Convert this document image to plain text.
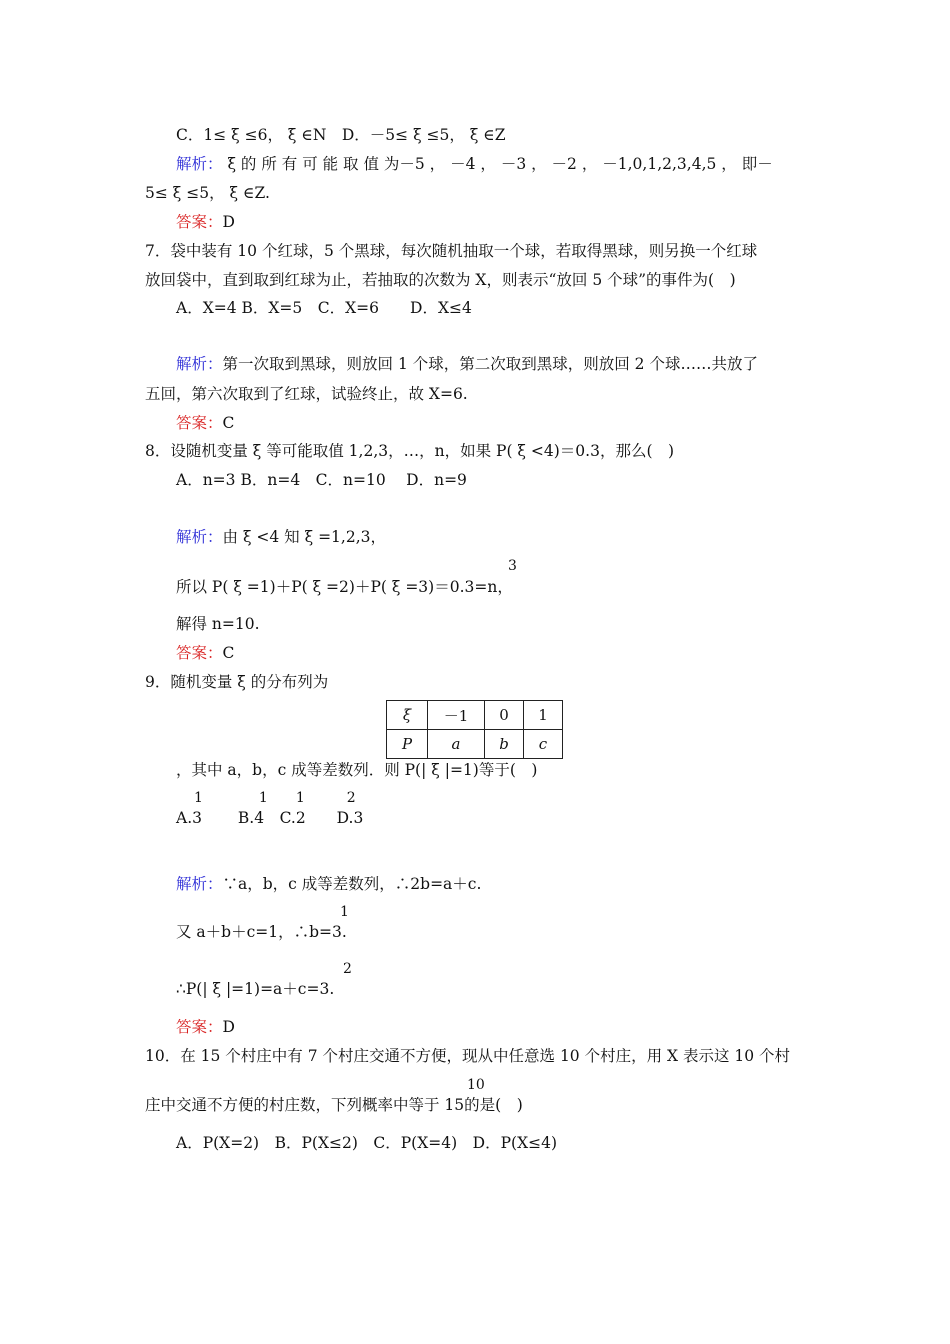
C．1≤ ξ ≤6， ξ ∈N　D．－5≤ ξ ≤5， ξ ∈Z
解析： ξ 的 所 有 可 能 取 值 为－5 ， －4 ， －3 ， －2 ， －1,0,1,2,3,4,5 ， 即－
5≤ ξ ≤5， ξ ∈Z.
答案：D
7．袋中装有 10 个红球，5 个黑球，每次随机抽取一个球，若取得黑球，则另换一个红球
放回袋中，直到取到红球为止，若抽取的次数为 X，则表示“放回 5 个球”的事件为(　)
A．X=4 B．X=5　C．X=6　　D．X≤4
解析：第一次取到黑球，则放回 1 个球，第二次取到黑球，则放回 2 个球……共放了
五回，第六次取到了红球，试验终止，故 X=6.
答案：C
8．设随机变量 ξ 等可能取值 1,2,3，…，n，如果 P( ξ <4)＝0.3，那么(　)
A．n=3 B．n=4　C．n=10　 D．n=9
解析：由 ξ <4 知 ξ =1,2,3，
3
所以 P( ξ =1)＋P( ξ =2)＋P( ξ =3)＝0.3=n，
解得 n=10.
答案：C
9．随机变量 ξ 的分布列为
ξ	－1	0	1
P	a	b	c
，其中 a，b，c 成等差数列．则 P(| ξ |=1)等于(　)
1　　　　1　　1　　　2
A.3　　 B.4　C.2　　D.3
解析：∵a，b，c 成等差数列，∴2b=a＋c.
1
又 a＋b＋c=1，∴b=3.
2
∴P(| ξ |=1)=a＋c=3.
答案：D
10．在 15 个村庄中有 7 个村庄交通不方便，现从中任意选 10 个村庄，用 X 表示这 10 个村
10
庄中交通不方便的村庄数，下列概率中等于 15的是(　)
A．P(X=2)　B．P(X≤2)　C．P(X=4)　D．P(X≤4)
